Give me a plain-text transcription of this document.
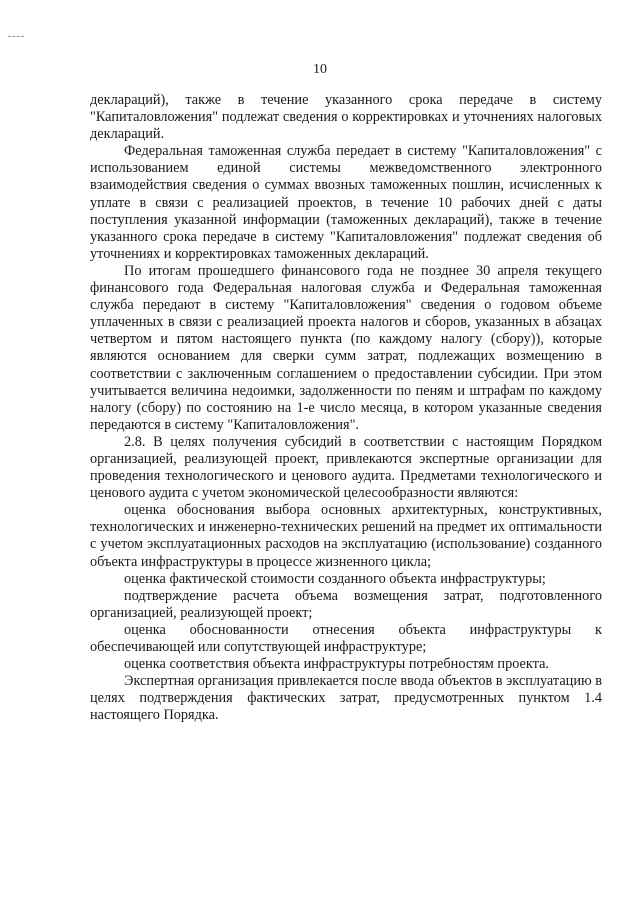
10

деклараций), также в течение указанного срока передаче в систему "Капиталовложения" подлежат сведения о корректировках и уточнениях налоговых деклараций.

Федеральная таможенная служба передает в систему "Капиталовложения" с использованием единой системы межведомственного электронного взаимодействия сведения о суммах ввозных таможенных пошлин, исчисленных к уплате в связи с реализацией проектов, в течение 10 рабочих дней с даты поступления указанной информации (таможенных деклараций), также в течение указанного срока передаче в систему "Капиталовложения" подлежат сведения об уточнениях и корректировках таможенных деклараций.

По итогам прошедшего финансового года не позднее 30 апреля текущего финансового года Федеральная налоговая служба и Федеральная таможенная служба передают в систему "Капиталовложения" сведения о годовом объеме уплаченных в связи с реализацией проекта налогов и сборов, указанных в абзацах четвертом и пятом настоящего пункта (по каждому налогу (сбору)), которые являются основанием для сверки сумм затрат, подлежащих возмещению в соответствии с заключенным соглашением о предоставлении субсидии. При этом учитывается величина недоимки, задолженности по пеням и штрафам по каждому налогу (сбору) по состоянию на 1-е число месяца, в котором указанные сведения передаются в систему "Капиталовложения".

2.8. В целях получения субсидий в соответствии с настоящим Порядком организацией, реализующей проект, привлекаются экспертные организации для проведения технологического и ценового аудита. Предметами технологического и ценового аудита с учетом экономической целесообразности являются:

оценка обоснования выбора основных архитектурных, конструктивных, технологических и инженерно-технических решений на предмет их оптимальности с учетом эксплуатационных расходов на эксплуатацию (использование) созданного объекта инфраструктуры в процессе жизненного цикла;

оценка фактической стоимости созданного объекта инфраструктуры;

подтверждение расчета объема возмещения затрат, подготовленного организацией, реализующей проект;

оценка обоснованности отнесения объекта инфраструктуры к обеспечивающей или сопутствующей инфраструктуре;

оценка соответствия объекта инфраструктуры потребностям проекта.

Экспертная организация привлекается после ввода объектов в эксплуатацию в целях подтверждения фактических затрат, предусмотренных пунктом 1.4 настоящего Порядка.
